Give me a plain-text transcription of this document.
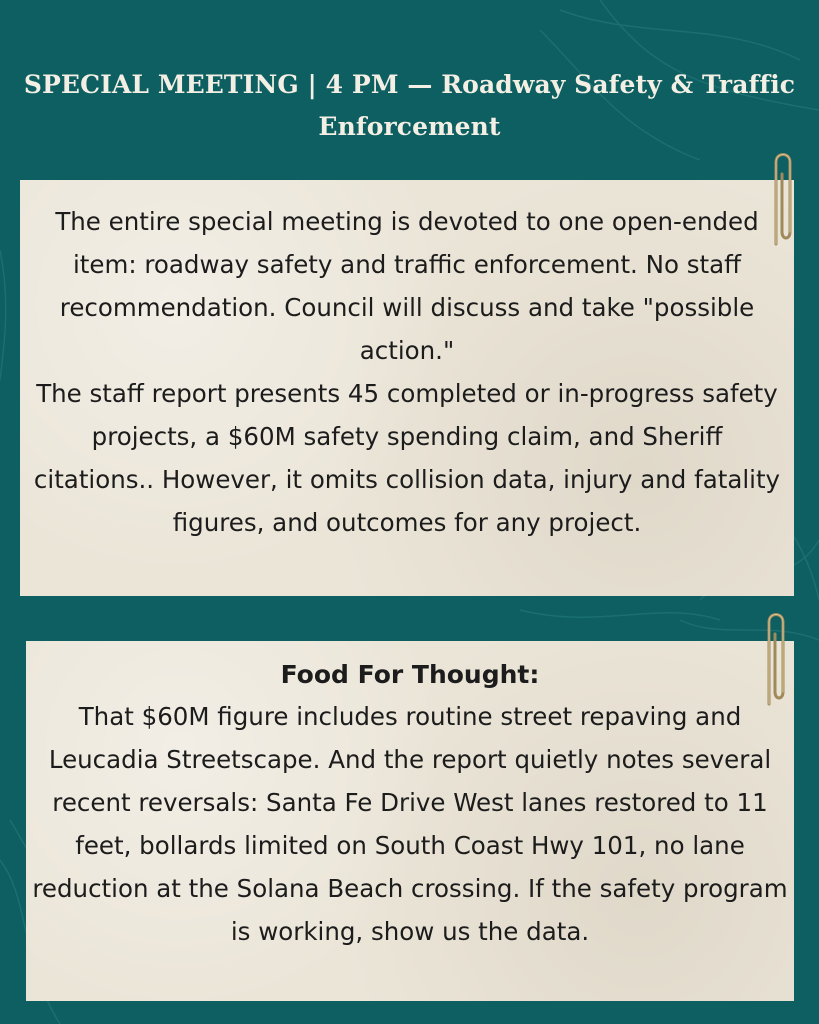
SPECIAL MEETING | 4 PM — Roadway Safety & Traffic Enforcement

The entire special meeting is devoted to one open-ended item: roadway safety and traffic enforcement. No staff recommendation. Council will discuss and take "possible action."

The staff report presents 45 completed or in-progress safety projects, a $60M safety spending claim, and Sheriff citations.. However, it omits collision data, injury and fatality figures, and outcomes for any project.

Food For Thought:

That $60M figure includes routine street repaving and Leucadia Streetscape. And the report quietly notes several recent reversals: Santa Fe Drive West lanes restored to 11 feet, bollards limited on South Coast Hwy 101, no lane reduction at the Solana Beach crossing. If the safety program is working, show us the data.
